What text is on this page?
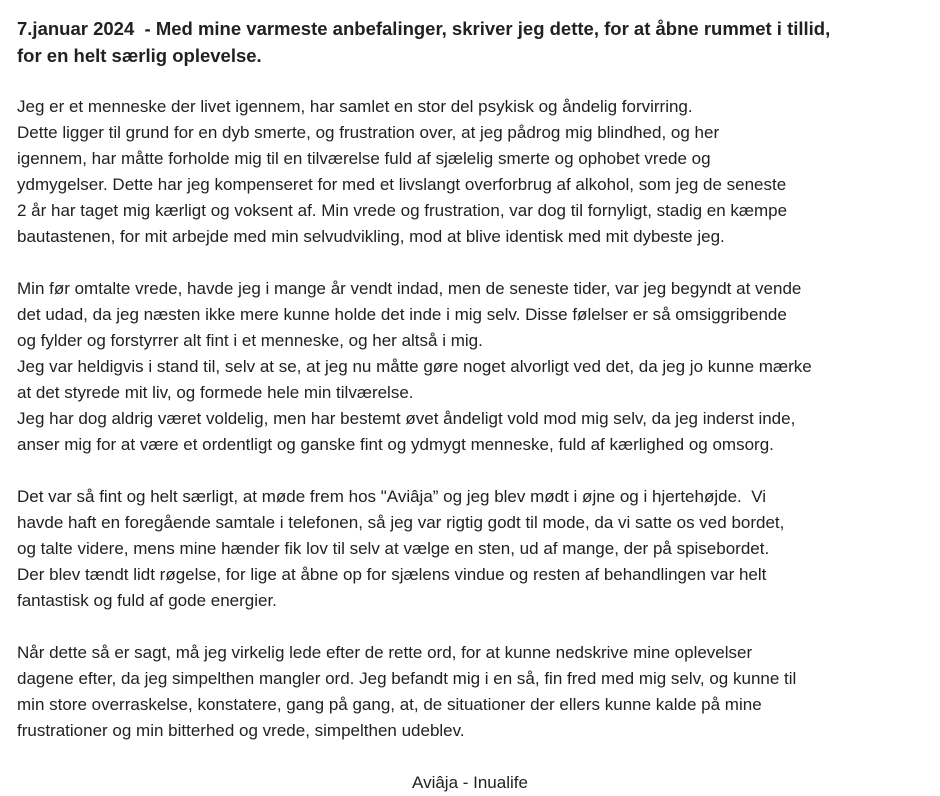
7.januar 2024  - Med mine varmeste anbefalinger, skriver jeg dette, for at åbne rummet i tillid,
for en helt særlig oplevelse.
Jeg er et menneske der livet igennem, har samlet en stor del psykisk og åndelig forvirring.
Dette ligger til grund for en dyb smerte, og frustration over, at jeg pådrog mig blindhed, og her
igennem, har måtte forholde mig til en tilværelse fuld af sjælelig smerte og ophobet vrede og
ydmygelser. Dette har jeg kompenseret for med et livslangt overforbrug af alkohol, som jeg de seneste
2 år har taget mig kærligt og voksent af. Min vrede og frustration, var dog til fornyligt, stadig en kæmpe
bautastenen, for mit arbejde med min selvudvikling, mod at blive identisk med mit dybeste jeg.
Min før omtalte vrede, havde jeg i mange år vendt indad, men de seneste tider, var jeg begyndt at vende
det udad, da jeg næsten ikke mere kunne holde det inde i mig selv. Disse følelser er så omsiggribende
og fylder og forstyrrer alt fint i et menneske, og her altså i mig.
Jeg var heldigvis i stand til, selv at se, at jeg nu måtte gøre noget alvorligt ved det, da jeg jo kunne mærke
at det styrede mit liv, og formede hele min tilværelse.
Jeg har dog aldrig været voldelig, men har bestemt øvet åndeligt vold mod mig selv, da jeg inderst inde,
anser mig for at være et ordentligt og ganske fint og ydmygt menneske, fuld af kærlighed og omsorg.
Det var så fint og helt særligt, at møde frem hos "Aviâja” og jeg blev mødt i øjne og i hjertehøjde.  Vi
havde haft en foregående samtale i telefonen, så jeg var rigtig godt til mode, da vi satte os ved bordet,
og talte videre, mens mine hænder fik lov til selv at vælge en sten, ud af mange, der på spisebordet.
Der blev tændt lidt røgelse, for lige at åbne op for sjælens vindue og resten af behandlingen var helt
fantastisk og fuld af gode energier.
Når dette så er sagt, må jeg virkelig lede efter de rette ord, for at kunne nedskrive mine oplevelser
dagene efter, da jeg simpelthen mangler ord. Jeg befandt mig i en så, fin fred med mig selv, og kunne til
min store overraskelse, konstatere, gang på gang, at, de situationer der ellers kunne kalde på mine
frustrationer og min bitterhed og vrede, simpelthen udeblev.
Aviâja - Inualife
